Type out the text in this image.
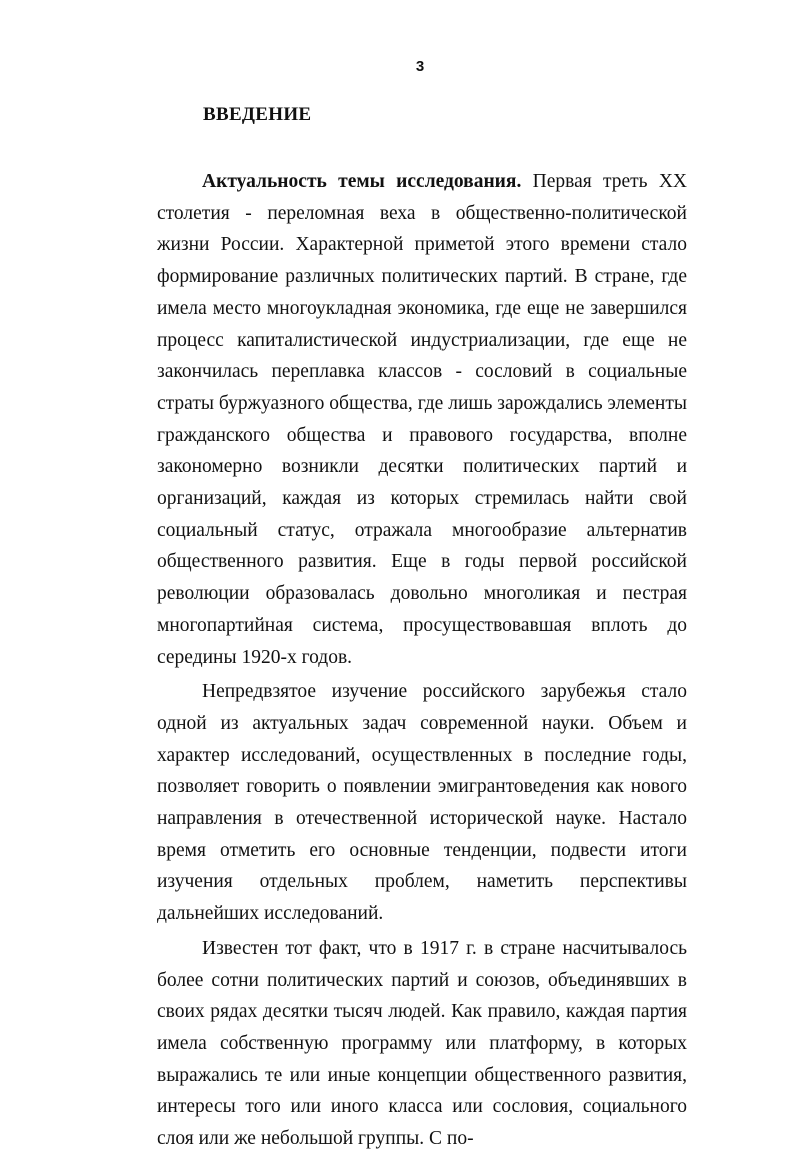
3
ВВЕДЕНИЕ

Актуальность темы исследования. Первая треть XX столетия - переломная веха в общественно-политической жизни России. Характерной приметой этого времени стало формирование различных политических партий. В стране, где имела место многоукладная экономика, где еще не завершился процесс капиталистической индустриализации, где еще не закончилась переплавка классов - сословий в социальные страты буржуазного общества, где лишь зарождались элементы гражданского общества и правового государства, вполне закономерно возникли десятки политических партий и организаций, каждая из которых стремилась найти свой социальный статус, отражала многообразие альтернатив общественного развития. Еще в годы первой российской революции образовалась довольно многоликая и пестрая многопартийная система, просуществовавшая вплоть до середины 1920-х годов.

Непредвзятое изучение российского зарубежья стало одной из актуальных задач современной науки. Объем и характер исследований, осуществленных в последние годы, позволяет говорить о появлении эмигрантоведения как нового направления в отечественной исторической науке. Настало время отметить его основные тенденции, подвести итоги изучения отдельных проблем, наметить перспективы дальнейших исследований.

Известен тот факт, что в 1917 г. в стране насчитывалось более сотни политических партий и союзов, объединявших в своих рядах десятки тысяч людей. Как правило, каждая партия имела собственную программу или платформу, в которых выражались те или иные концепции общественного развития, интересы того или иного класса или сословия, социального слоя или же небольшой группы. С по-
